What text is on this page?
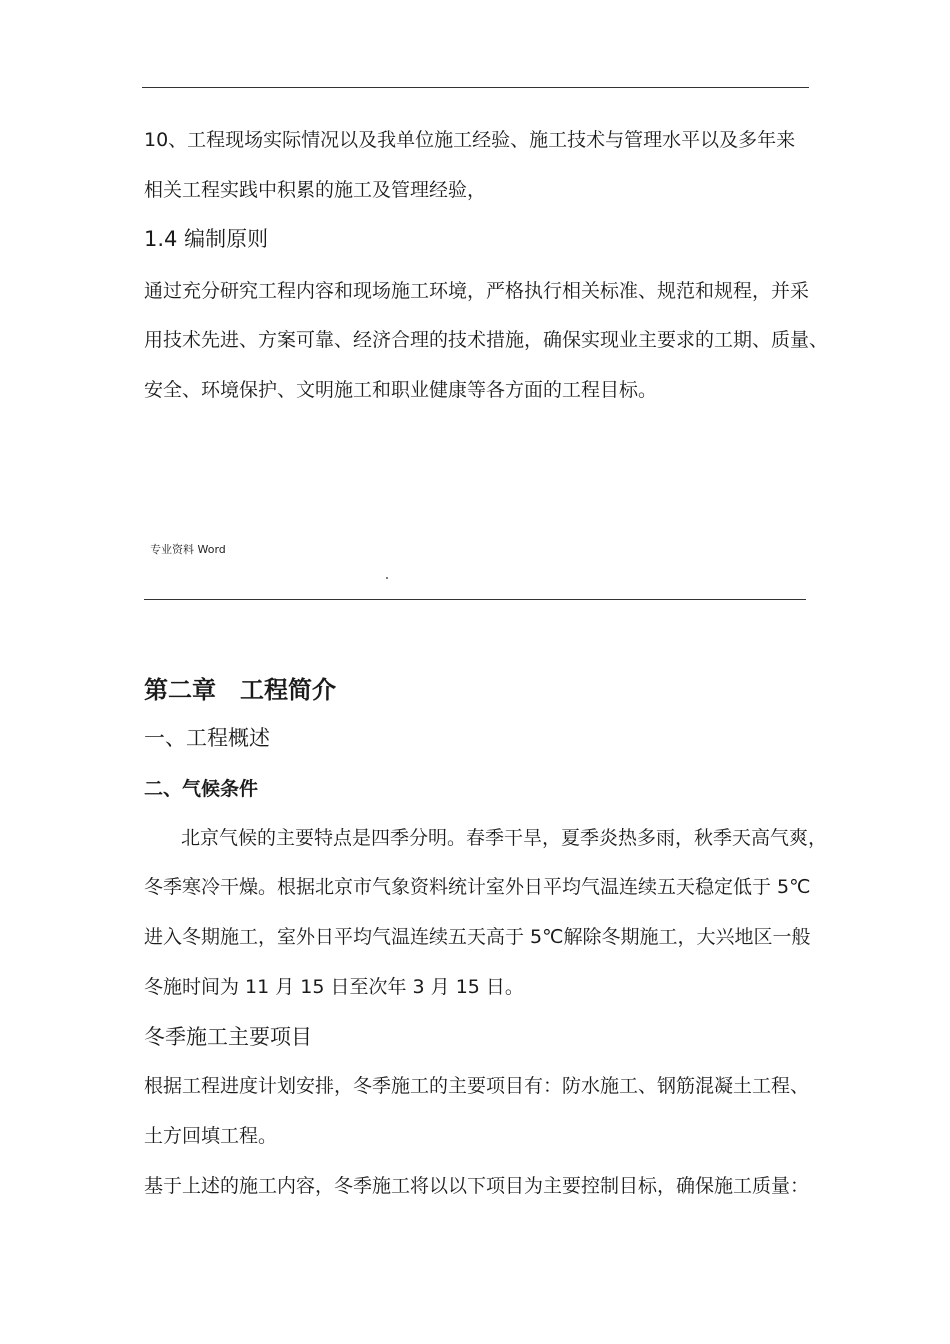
10、工程现场实际情况以及我单位施工经验、施工技术与管理水平以及多年来
相关工程实践中积累的施工及管理经验，
1.4 编制原则
通过充分研究工程内容和现场施工环境，严格执行相关标准、规范和规程，并采
用技术先进、方案可靠、经济合理的技术措施，确保实现业主要求的工期、质量、
安全、环境保护、文明施工和职业健康等各方面的工程目标。
专业资料 Word
第二章　工程简介
一、工程概述
二、气候条件
北京气候的主要特点是四季分明。春季干旱，夏季炎热多雨，秋季天高气爽，
冬季寒冷干燥。根据北京市气象资料统计室外日平均气温连续五天稳定低于 5℃
进入冬期施工，室外日平均气温连续五天高于 5℃解除冬期施工，大兴地区一般
冬施时间为 11 月 15 日至次年 3 月 15 日。
冬季施工主要项目
根据工程进度计划安排，冬季施工的主要项目有：防水施工、钢筋混凝土工程、
土方回填工程。
基于上述的施工内容，冬季施工将以以下项目为主要控制目标，确保施工质量：
